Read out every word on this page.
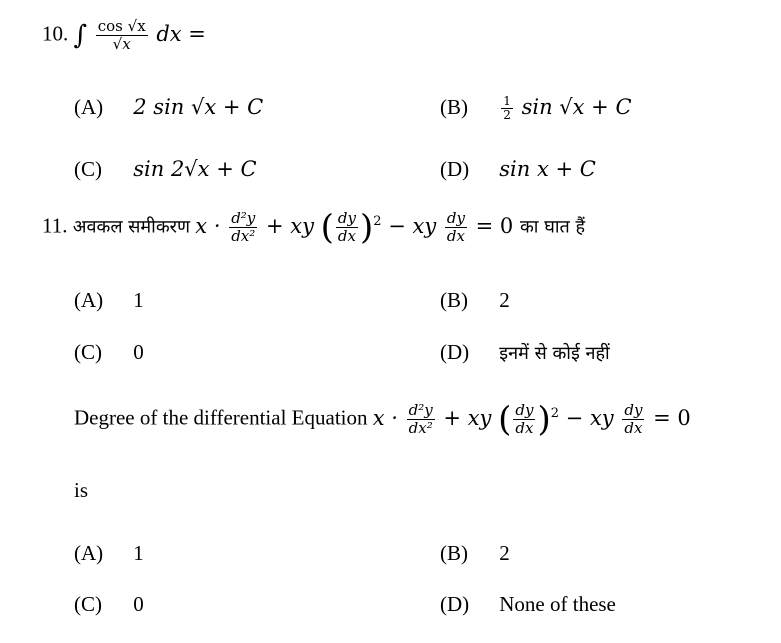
10. ∫ $\frac{\cos √x}{√x}$ dx =
(A) 2 sin √x + C	(B)	$\frac{1}{2}$ sin √x + C
(C) sin 2√x + C	(D) sin x + C
11. अवकल समीकरण $x \cdot \frac{\text{d²y}}{\text{dx²}}$ + xy ( $\frac{dy}{dx} )^2$ − xy $\frac{dy}{dx} = 0$ का घात हैं
(A) 1	(B) 2
(C) 0	(D) इनमें से कोई नहीं
Degree of the differential Equation $x \cdot \frac{\text{d²y}}{\text{dx²}}$ + xy ( $\frac{dy}{dx} )^2$ − xy $\frac{dy}{dx} = 0$
is
(A) 1	(B) 2
(C) 0	(D) None of these
